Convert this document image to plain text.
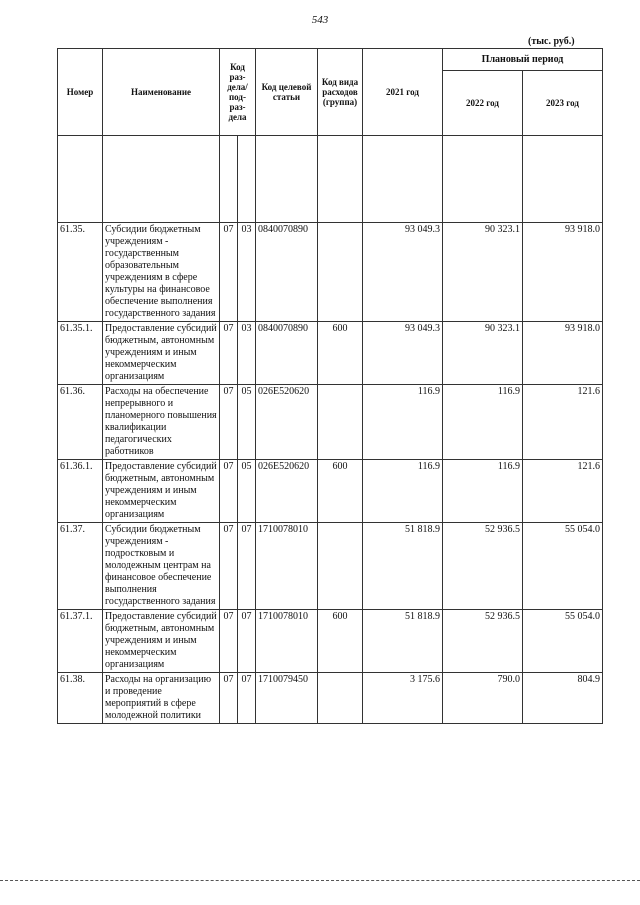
543
(тыс. руб.)
Номер	Наименование	Код раз-дела/ под-раз-дела		Код целевой статьи	Код вида расходов (группа)	2021 год	Плановый период	
							2022 год	2023 год

61.35.	Субсидии бюджетным учреждениям - государственным образовательным учреждениям в сфере культуры на финансовое обеспечение выполнения государственного задания	07	03	0840070890		93 049.3	90 323.1	93 918.0
61.35.1.	Предоставление субсидий бюджетным, автономным учреждениям и иным некоммерческим организациям	07	03	0840070890	600	93 049.3	90 323.1	93 918.0
61.36.	Расходы на обеспечение непрерывного и планомерного повышения квалификации педагогических работников	07	05	026E520620		116.9	116.9	121.6
61.36.1.	Предоставление субсидий бюджетным, автономным учреждениям и иным некоммерческим организациям	07	05	026E520620	600	116.9	116.9	121.6
61.37.	Субсидии бюджетным учреждениям - подростковым и молодежным центрам на финансовое обеспечение выполнения государственного задания	07	07	1710078010		51 818.9	52 936.5	55 054.0
61.37.1.	Предоставление субсидий бюджетным, автономным учреждениям и иным некоммерческим организациям	07	07	1710078010	600	51 818.9	52 936.5	55 054.0
61.38.	Расходы на организацию и проведение мероприятий в сфере молодежной политики	07	07	1710079450		3 175.6	790.0	804.9
